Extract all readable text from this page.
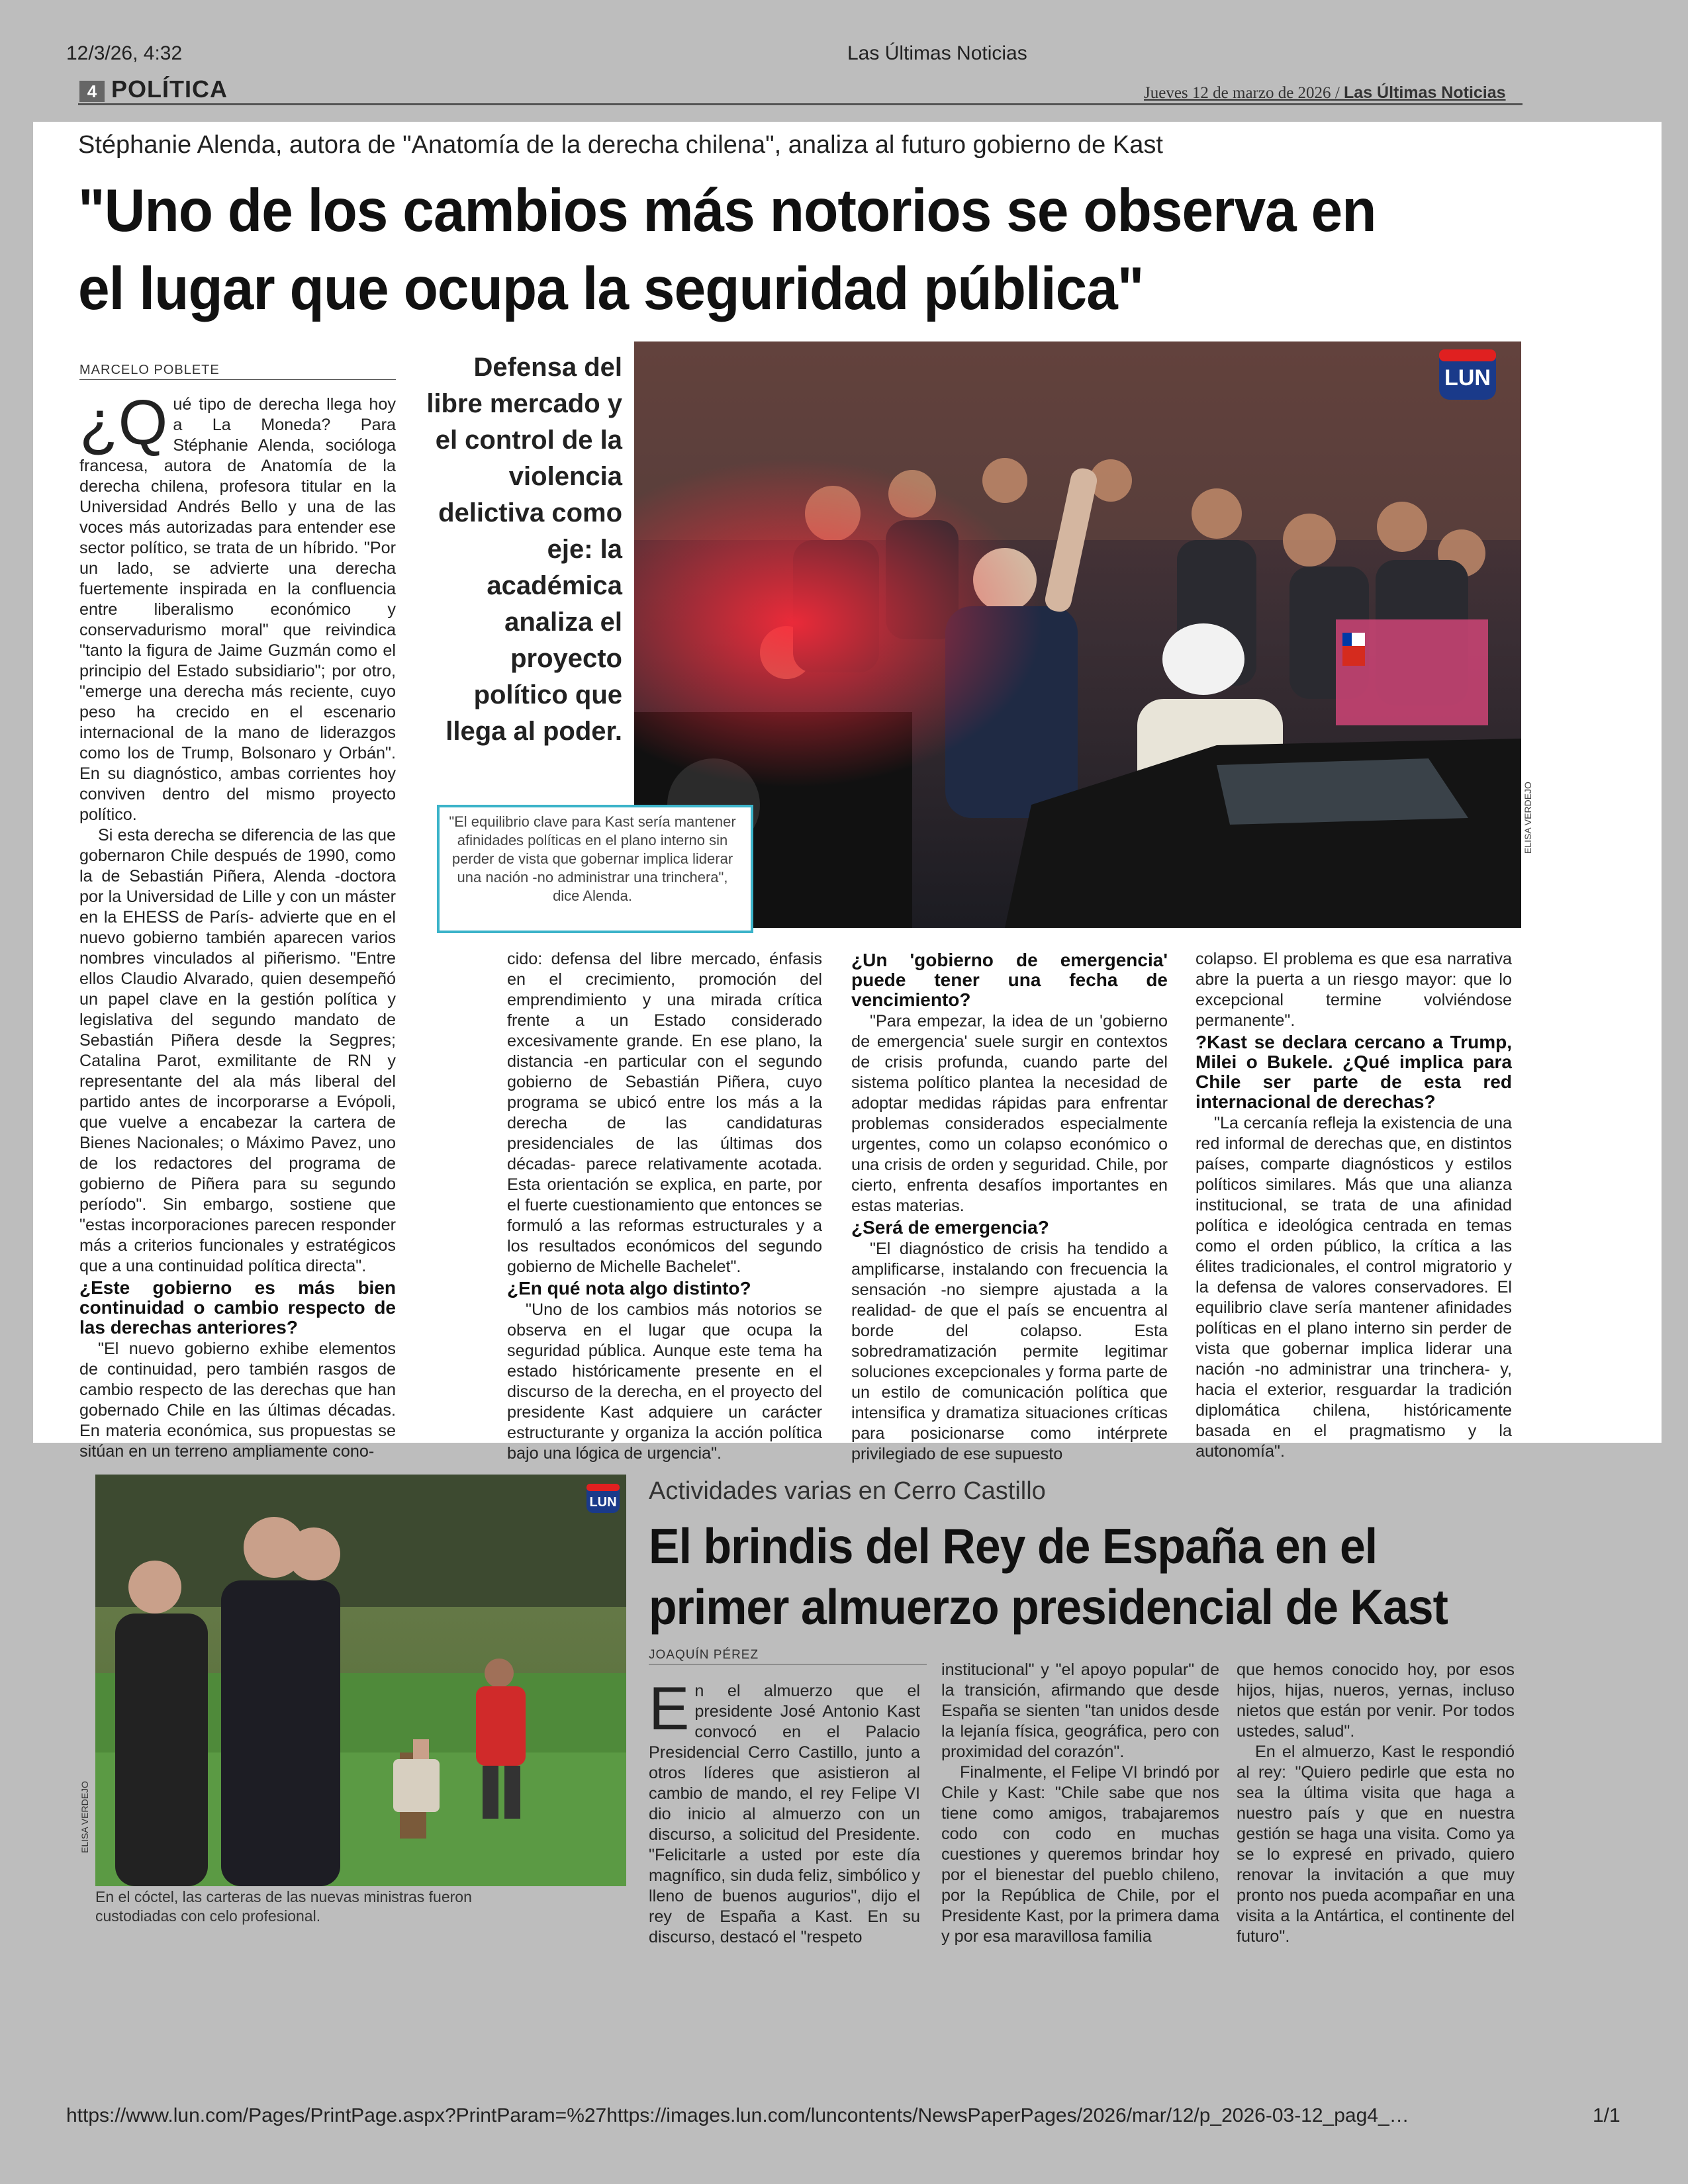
12/3/26, 4:32	Las Últimas Noticias
https://www.lun.com/Pages/PrintPage.aspx?PrintParam=%27https://images.lun.com/luncontents/NewsPaperPages/2026/mar/12/p_2026-03-12_pag4_…	1/1
4 POLÍTICA	Jueves 12 de marzo de 2026 / Las Últimas Noticias
Stéphanie Alenda, autora de "Anatomía de la derecha chilena", analiza al futuro gobierno de Kast
"Uno de los cambios más notorios se observa en el lugar que ocupa la seguridad pública"
MARCELO POBLETE

¿Q ué tipo de derecha llega hoy a La Moneda? Para Stéphanie Alenda, socióloga francesa, autora de Anatomía de la derecha chilena, profesora titular en la Universidad Andrés Bello y una de las voces más autorizadas para entender ese sector político, se trata de un híbrido. "Por un lado, se advierte una derecha fuertemente inspirada en la confluencia entre liberalismo económico y conservadurismo moral" que reivindica "tanto la figura de Jaime Guzmán como el principio del Estado subsidiario"; por otro, "emerge una derecha más reciente, cuyo peso ha crecido en el escenario internacional de la mano de liderazgos como los de Trump, Bolsonaro y Orbán". En su diagnóstico, ambas corrientes hoy conviven dentro del mismo proyecto político.

Si esta derecha se diferencia de las que gobernaron Chile después de 1990, como la de Sebastián Piñera, Alenda -doctora por la Universidad de Lille y con un máster en la EHESS de París- advierte que en el nuevo gobierno también aparecen varios nombres vinculados al piñerismo. "Entre ellos Claudio Alvarado, quien desempeñó un papel clave en la gestión política y legislativa del segundo mandato de Sebastián Piñera desde la Segpres; Catalina Parot, exmilitante de RN y representante del ala más liberal del partido antes de incorporarse a Evópoli, que vuelve a encabezar la cartera de Bienes Nacionales; o Máximo Pavez, uno de los redactores del programa de gobierno de Piñera para su segundo período". Sin embargo, sostiene que "estas incorporaciones parecen responder más a criterios funcionales y estratégicos que a una continuidad política directa".

¿Este gobierno es más bien continuidad o cambio respecto de las derechas anteriores?

"El nuevo gobierno exhibe elementos de continuidad, pero también rasgos de cambio respecto de las derechas que han gobernado Chile en las últimas décadas. En materia económica, sus propuestas se sitúan en un terreno ampliamente cono-

Defensa del libre mercado y el control de la violencia delictiva como eje: la académica analiza el proyecto político que llega al poder.
LUN
ELISA VERDEJO
"El equilibrio clave para Kast sería mantener afinidades políticas en el plano interno sin perder de vista que gobernar implica liderar una nación -no administrar una trinchera", dice Alenda.

cido: defensa del libre mercado, énfasis en el crecimiento, promoción del emprendimiento y una mirada crítica frente a un Estado considerado excesivamente grande. En ese plano, la distancia -en particular con el segundo gobierno de Sebastián Piñera, cuyo programa se ubicó entre los más a la derecha de las candidaturas presidenciales de las últimas dos décadas- parece relativamente acotada. Esta orientación se explica, en parte, por el fuerte cuestionamiento que entonces se formuló a las reformas estructurales y a los resultados económicos del segundo gobierno de Michelle Bachelet".

¿En qué nota algo distinto?

"Uno de los cambios más notorios se observa en el lugar que ocupa la seguridad pública. Aunque este tema ha estado históricamente presente en el discurso de la derecha, en el proyecto del presidente Kast adquiere un carácter estructurante y organiza la acción política bajo una lógica de urgencia".

¿Un 'gobierno de emergencia' puede tener una fecha de vencimiento?

"Para empezar, la idea de un 'gobierno de emergencia' suele surgir en contextos de crisis profunda, cuando parte del sistema político plantea la necesidad de adoptar medidas rápidas para enfrentar problemas considerados especialmente urgentes, como un colapso económico o una crisis de orden y seguridad. Chile, por cierto, enfrenta desafíos importantes en estas materias.

¿Será de emergencia?

"El diagnóstico de crisis ha tendido a amplificarse, instalando con frecuencia la sensación -no siempre ajustada a la realidad- de que el país se encuentra al borde del colapso. Esta sobredramatización permite legitimar soluciones excepcionales y forma parte de un estilo de comunicación política que intensifica y dramatiza situaciones críticas para posicionarse como intérprete privilegiado de ese supuesto

colapso. El problema es que esa narrativa abre la puerta a un riesgo mayor: que lo excepcional termine volviéndose permanente".

?Kast se declara cercano a Trump, Milei o Bukele. ¿Qué implica para Chile ser parte de esta red internacional de derechas?

"La cercanía refleja la existencia de una red informal de derechas que, en distintos países, comparte diagnósticos y estilos políticos similares. Más que una alianza institucional, se trata de una afinidad política e ideológica centrada en temas como el orden público, la crítica a las élites tradicionales, el control migratorio y la defensa de valores conservadores. El equilibrio clave sería mantener afinidades políticas en el plano interno sin perder de vista que gobernar implica liderar una nación -no administrar una trinchera- y, hacia el exterior, resguardar la tradición diplomática chilena, históricamente basada en el pragmatismo y la autonomía".

LUN
ELISA VERDEJO
En el cóctel, las carteras de las nuevas ministras fueron custodiadas con celo profesional.
Actividades varias en Cerro Castillo
El brindis del Rey de España en el primer almuerzo presidencial de Kast
JOAQUÍN PÉREZ

En el almuerzo que el presidente José Antonio Kast convocó en el Palacio Presidencial Cerro Castillo, junto a otros líderes que asistieron al cambio de mando, el rey Felipe VI dio inicio al almuerzo con un discurso, a solicitud del Presidente. "Felicitarle a usted por este día magnífico, sin duda feliz, simbólico y lleno de buenos augurios", dijo el rey de España a Kast. En su discurso, destacó el "respeto

institucional" y "el apoyo popular" de la transición, afirmando que desde España se sienten "tan unidos desde la lejanía física, geográfica, pero con proximidad del corazón".

Finalmente, el Felipe VI brindó por Chile y Kast: "Chile sabe que nos tiene como amigos, trabajaremos codo con codo en muchas cuestiones y queremos brindar hoy por el bienestar del pueblo chileno, por la República de Chile, por el Presidente Kast, por la primera dama y por esa maravillosa familia

que hemos conocido hoy, por esos hijos, hijas, nueros, yernas, incluso nietos que están por venir. Por todos ustedes, salud".

En el almuerzo, Kast le respondió al rey: "Quiero pedirle que esta no sea la última visita que haga a nuestro país y que en nuestra gestión se haga una visita. Como ya se lo expresé en privado, quiero renovar la invitación a que muy pronto nos pueda acompañar en una visita a la Antártica, el continente del futuro".
